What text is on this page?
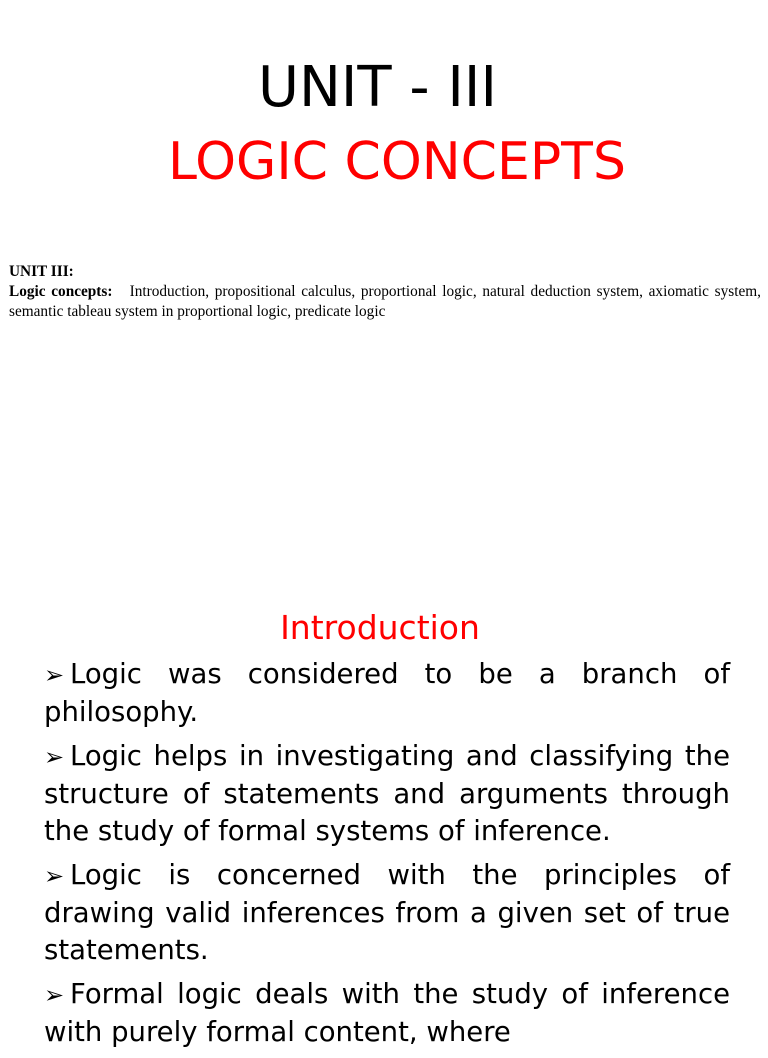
UNIT - III
LOGIC CONCEPTS
UNIT III:
Logic concepts: Introduction, propositional calculus, proportional logic, natural deduction system, axiomatic system, semantic tableau system in proportional logic, predicate logic
Introduction
➢ Logic was considered to be a branch of philosophy.
➢ Logic helps in investigating and classifying the structure of statements and arguments through the study of formal systems of inference.
➢ Logic is concerned with the principles of drawing valid inferences from a given set of true statements.
➢ Formal logic deals with the study of inference with purely formal content, where
